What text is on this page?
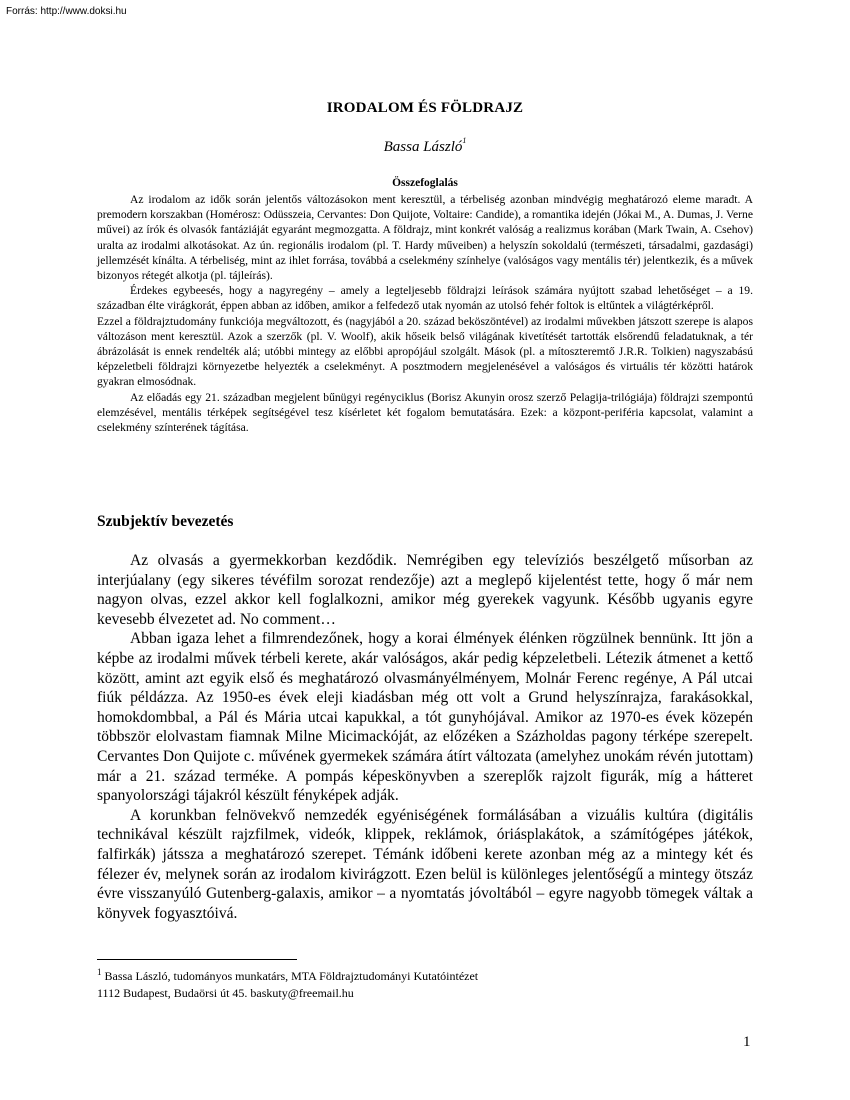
Forrás: http://www.doksi.hu
IRODALOM ÉS FÖLDRAJZ
Bassa László$^1$
Összefoglalás

Az irodalom az idők során jelentős változásokon ment keresztül, a térbeliség azonban mindvégig meghatározó eleme maradt. A premodern korszakban (Homérosz: Odüsszeia, Cervantes: Don Quijote, Voltaire: Candide), a romantika idején (Jókai M., A. Dumas, J. Verne művei) az írók és olvasók fantáziáját egyaránt megmozgatta. A földrajz, mint konkrét valóság a realizmus korában (Mark Twain, A. Csehov) uralta az irodalmi alkotásokat. Az ún. regionális irodalom (pl. T. Hardy műveiben) a helyszín sokoldalú (természeti, társadalmi, gazdasági) jellemzését kínálta. A térbeliség, mint az ihlet forrása, továbbá a cselekmény színhelye (valóságos vagy mentális tér) jelentkezik, és a művek bizonyos rétegét alkotja (pl. tájleírás).

Érdekes egybeesés, hogy a nagyregény – amely a legteljesebb földrajzi leírások számára nyújtott szabad lehetőséget – a 19. században élte virágkorát, éppen abban az időben, amikor a felfedező utak nyomán az utolsó fehér foltok is eltűntek a világtérképről.

Ezzel a földrajztudomány funkciója megváltozott, és (nagyjából a 20. század beköszöntével) az irodalmi művekben játszott szerepe is alapos változáson ment keresztül. Azok a szerzők (pl. V. Woolf), akik hőseik belső világának kivetítését tartották elsőrendű feladatuknak, a tér ábrázolását is ennek rendelték alá; utóbbi mintegy az előbbi apropójául szolgált. Mások (pl. a mítoszteremtő J.R.R. Tolkien) nagyszabású képzeletbeli földrajzi környezetbe helyezték a cselekményt. A posztmodern megjelenésével a valóságos és virtuális tér közötti határok gyakran elmosódnak.

Az előadás egy 21. században megjelent bűnügyi regényciklus (Borisz Akunyin orosz szerző Pelagija-trilógiája) földrajzi szempontú elemzésével, mentális térképek segítségével tesz kísérletet két fogalom bemutatására. Ezek: a központ-periféria kapcsolat, valamint a cselekmény színterének tágítása.

Szubjektív bevezetés

Az olvasás a gyermekkorban kezdődik. Nemrégiben egy televíziós beszélgető műsorban az interjúalany (egy sikeres tévéfilm sorozat rendezője) azt a meglepő kijelentést tette, hogy ő már nem nagyon olvas, ezzel akkor kell foglalkozni, amikor még gyerekek vagyunk. Később ugyanis egyre kevesebb élvezetet ad. No comment…

Abban igaza lehet a filmrendezőnek, hogy a korai élmények élénken rögzülnek bennünk. Itt jön a képbe az irodalmi művek térbeli kerete, akár valóságos, akár pedig képzeletbeli. Létezik átmenet a kettő között, amint azt egyik első és meghatározó olvasmányélményem, Molnár Ferenc regénye, A Pál utcai fiúk példázza. Az 1950-es évek eleji kiadásban még ott volt a Grund helyszínrajza, farakásokkal, homokdombbal, a Pál és Mária utcai kapukkal, a tót gunyhójával. Amikor az 1970-es évek közepén többször elolvastam fiamnak Milne Micimackóját, az előzéken a Százholdas pagony térképe szerepelt. Cervantes Don Quijote c. művének gyermekek számára átírt változata (amelyhez unokám révén jutottam) már a 21. század terméke. A pompás képeskönyvben a szereplők rajzolt figurák, míg a hátteret spanyolországi tájakról készült fényképek adják.

A korunkban felnövekvő nemzedék egyéniségének formálásában a vizuális kultúra (digitális technikával készült rajzfilmek, videók, klippek, reklámok, óriásplakátok, a számítógépes játékok, falfirkák) játssza a meghatározó szerepet. Témánk időbeni kerete azonban még az a mintegy két és félezer év, melynek során az irodalom kivirágzott. Ezen belül is különleges jelentőségű a mintegy ötszáz évre visszanyúló Gutenberg-galaxis, amikor – a nyomtatás jóvoltából – egyre nagyobb tömegek váltak a könyvek fogyasztóivá.

$^1$ Bassa László, tudományos munkatárs, MTA Földrajztudományi Kutatóintézet
1112 Budapest, Budaörsi út 45. baskuty@freemail.hu
1
